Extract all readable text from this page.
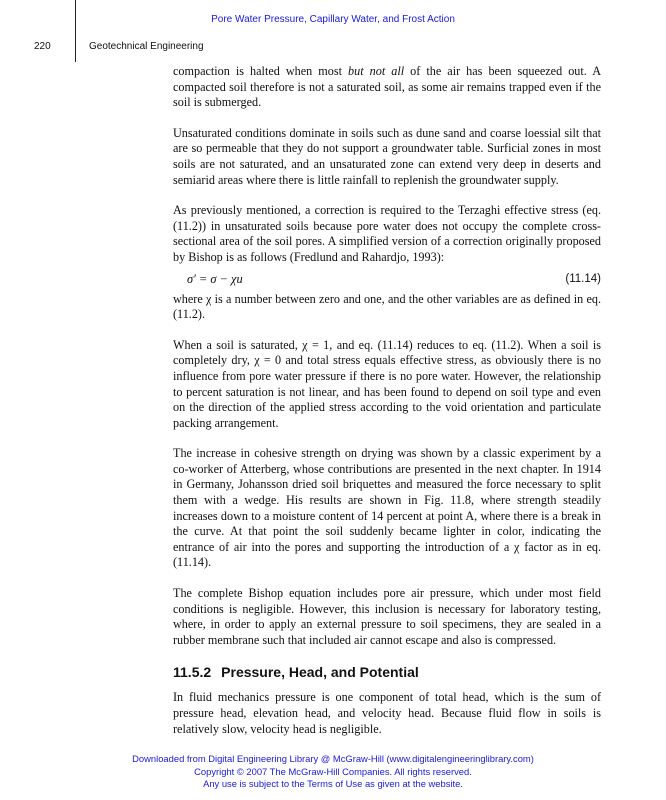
Pore Water Pressure, Capillary Water, and Frost Action
220	Geotechnical Engineering

compaction is halted when most but not all of the air has been squeezed out. A compacted soil therefore is not a saturated soil, as some air remains trapped even if the soil is submerged.

Unsaturated conditions dominate in soils such as dune sand and coarse loessial silt that are so permeable that they do not support a groundwater table. Surficial zones in most soils are not saturated, and an unsaturated zone can extend very deep in deserts and semiarid areas where there is little rainfall to replenish the groundwater supply.

As previously mentioned, a correction is required to the Terzaghi effective stress (eq. (11.2)) in unsaturated soils because pore water does not occupy the complete cross-sectional area of the soil pores. A simplified version of a correction originally proposed by Bishop is as follows (Fredlund and Rahardjo, 1993):

σ′ = σ − χu	(11.14)

where χ is a number between zero and one, and the other variables are as defined in eq. (11.2).

When a soil is saturated, χ = 1, and eq. (11.14) reduces to eq. (11.2). When a soil is completely dry, χ = 0 and total stress equals effective stress, as obviously there is no influence from pore water pressure if there is no pore water. However, the relationship to percent saturation is not linear, and has been found to depend on soil type and even on the direction of the applied stress according to the void orientation and particulate packing arrangement.

The increase in cohesive strength on drying was shown by a classic experiment by a co-worker of Atterberg, whose contributions are presented in the next chapter. In 1914 in Germany, Johansson dried soil briquettes and measured the force necessary to split them with a wedge. His results are shown in Fig. 11.8, where strength steadily increases down to a moisture content of 14 percent at point A, where there is a break in the curve. At that point the soil suddenly became lighter in color, indicating the entrance of air into the pores and supporting the introduction of a χ factor as in eq. (11.14).

The complete Bishop equation includes pore air pressure, which under most field conditions is negligible. However, this inclusion is necessary for laboratory testing, where, in order to apply an external pressure to soil specimens, they are sealed in a rubber membrane such that included air cannot escape and also is compressed.

11.5.2 Pressure, Head, and Potential

In fluid mechanics pressure is one component of total head, which is the sum of pressure head, elevation head, and velocity head. Because fluid flow in soils is relatively slow, velocity head is negligible.

Downloaded from Digital Engineering Library @ McGraw-Hill (www.digitalengineeringlibrary.com)
Copyright © 2007 The McGraw-Hill Companies. All rights reserved.
Any use is subject to the Terms of Use as given at the website.
